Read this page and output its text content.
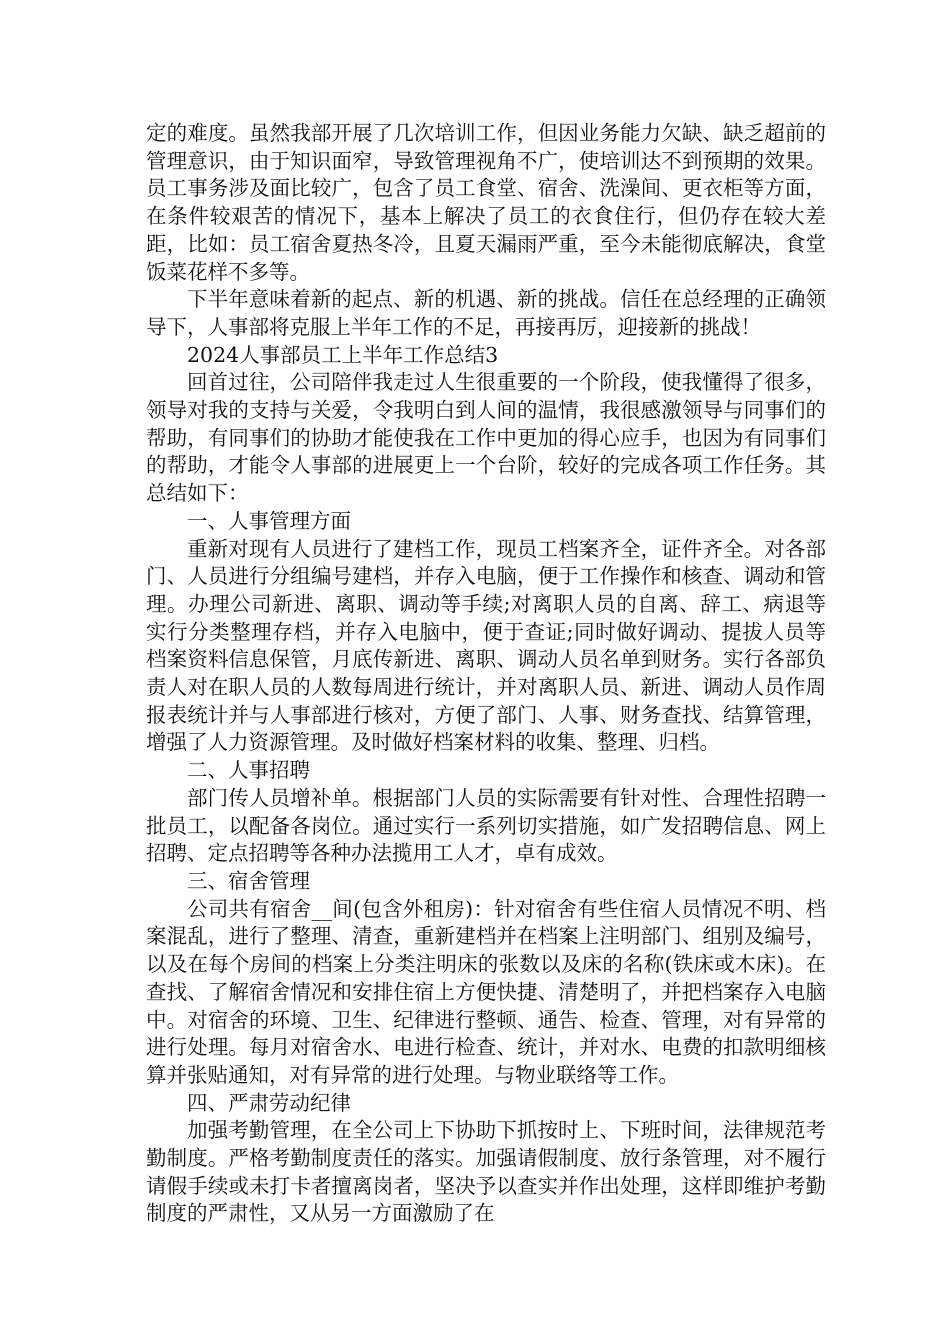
定的难度。虽然我部开展了几次培训工作，但因业务能力欠缺、缺乏超前的管理意识，由于知识面窄，导致管理视角不广，使培训达不到预期的效果。员工事务涉及面比较广，包含了员工食堂、宿舍、洗澡间、更衣柜等方面，在条件较艰苦的情况下，基本上解决了员工的衣食住行，但仍存在较大差距，比如：员工宿舍夏热冬冷，且夏天漏雨严重，至今未能彻底解决，食堂饭菜花样不多等。

下半年意味着新的起点、新的机遇、新的挑战。信任在总经理的正确领导下，人事部将克服上半年工作的不足，再接再厉，迎接新的挑战！

2024人事部员工上半年工作总结3

回首过往，公司陪伴我走过人生很重要的一个阶段，使我懂得了很多，领导对我的支持与关爱，令我明白到人间的温情，我很感激领导与同事们的帮助，有同事们的协助才能使我在工作中更加的得心应手，也因为有同事们的帮助，才能令人事部的进展更上一个台阶，较好的完成各项工作任务。其总结如下：

一、人事管理方面

重新对现有人员进行了建档工作，现员工档案齐全，证件齐全。对各部门、人员进行分组编号建档，并存入电脑，便于工作操作和核查、调动和管理。办理公司新进、离职、调动等手续;对离职人员的自离、辞工、病退等实行分类整理存档，并存入电脑中，便于查证;同时做好调动、提拔人员等档案资料信息保管，月底传新进、离职、调动人员名单到财务。实行各部负责人对在职人员的人数每周进行统计，并对离职人员、新进、调动人员作周报表统计并与人事部进行核对，方便了部门、人事、财务查找、结算管理，增强了人力资源管理。及时做好档案材料的收集、整理、归档。

二、人事招聘

部门传人员增补单。根据部门人员的实际需要有针对性、合理性招聘一批员工，以配备各岗位。通过实行一系列切实措施，如广发招聘信息、网上招聘、定点招聘等各种办法揽用工人才，卓有成效。

三、宿舍管理

公司共有宿舍__间(包含外租房)：针对宿舍有些住宿人员情况不明、档案混乱，进行了整理、清查，重新建档并在档案上注明部门、组别及编号，以及在每个房间的档案上分类注明床的张数以及床的名称(铁床或木床)。在查找、了解宿舍情况和安排住宿上方便快捷、清楚明了，并把档案存入电脑中。对宿舍的环境、卫生、纪律进行整顿、通告、检查、管理，对有异常的进行处理。每月对宿舍水、电进行检查、统计，并对水、电费的扣款明细核算并张贴通知，对有异常的进行处理。与物业联络等工作。

四、严肃劳动纪律

加强考勤管理，在全公司上下协助下抓按时上、下班时间，法律规范考勤制度。严格考勤制度责任的落实。加强请假制度、放行条管理，对不履行请假手续或未打卡者擅离岗者，坚决予以查实并作出处理，这样即维护考勤制度的严肃性，又从另一方面激励了在
